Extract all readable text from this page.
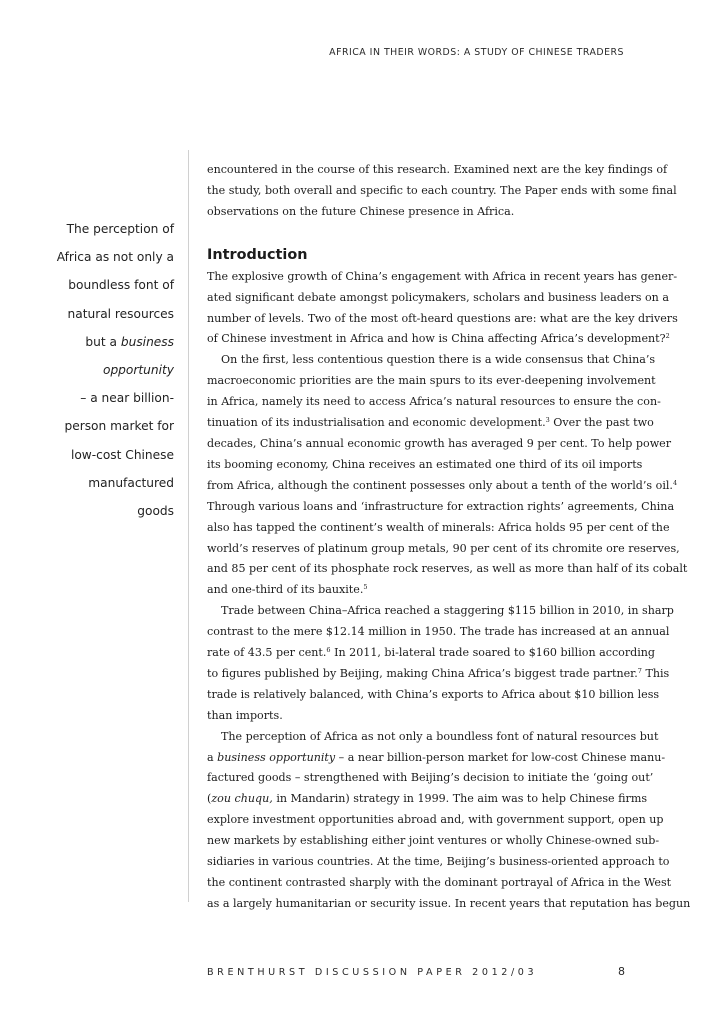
AFRICA IN THEIR WORDS: A STUDY OF CHINESE TRADERS
The perception of
Africa as not only a
boundless font of
natural resources
but a business
opportunity
– a near billion-
person market for
low-cost Chinese
manufactured
goods
encountered in the course of this research. Examined next are the key findings of
the study, both overall and specific to each country. The Paper ends with some final
observations on the future Chinese presence in Africa.
Introduction
The explosive growth of China’s engagement with Africa in recent years has gener-
ated significant debate amongst policymakers, scholars and business leaders on a
number of levels. Two of the most oft-heard questions are: what are the key drivers
of Chinese investment in Africa and how is China affecting Africa’s development?$^2$
On the first, less contentious question there is a wide consensus that China’s
macroeconomic priorities are the main spurs to its ever-deepening involvement
in Africa, namely its need to access Africa’s natural resources to ensure the con-
tinuation of its industrialisation and economic development.$^3$ Over the past two
decades, China’s annual economic growth has averaged 9 per cent. To help power
its booming economy, China receives an estimated one third of its oil imports
from Africa, although the continent possesses only about a tenth of the world’s oil.$^4$
Through various loans and ‘infrastructure for extraction rights’ agreements, China
also has tapped the continent’s wealth of minerals: Africa holds 95 per cent of the
world’s reserves of platinum group metals, 90 per cent of its chromite ore reserves,
and 85 per cent of its phosphate rock reserves, as well as more than half of its cobalt
and one-third of its bauxite.$^5$
Trade between China–Africa reached a staggering $115 billion in 2010, in sharp
contrast to the mere $12.14 million in 1950. The trade has increased at an annual
rate of 43.5 per cent.$^6$ In 2011, bi-lateral trade soared to $160 billion according
to figures published by Beijing, making China Africa’s biggest trade partner.$^7$ This
trade is relatively balanced, with China’s exports to Africa about $10 billion less
than imports.
The perception of Africa as not only a boundless font of natural resources but
a business opportunity – a near billion-person market for low-cost Chinese manu-
factured goods – strengthened with Beijing’s decision to initiate the ‘going out’
(zou chuqu, in Mandarin) strategy in 1999. The aim was to help Chinese firms
explore investment opportunities abroad and, with government support, open up
new markets by establishing either joint ventures or wholly Chinese-owned sub-
sidiaries in various countries. At the time, Beijing’s business-oriented approach to
the continent contrasted sharply with the dominant portrayal of Africa in the West
as a largely humanitarian or security issue. In recent years that reputation has begun
BRENTHURST DISCUSSION PAPER 2012/03	8
